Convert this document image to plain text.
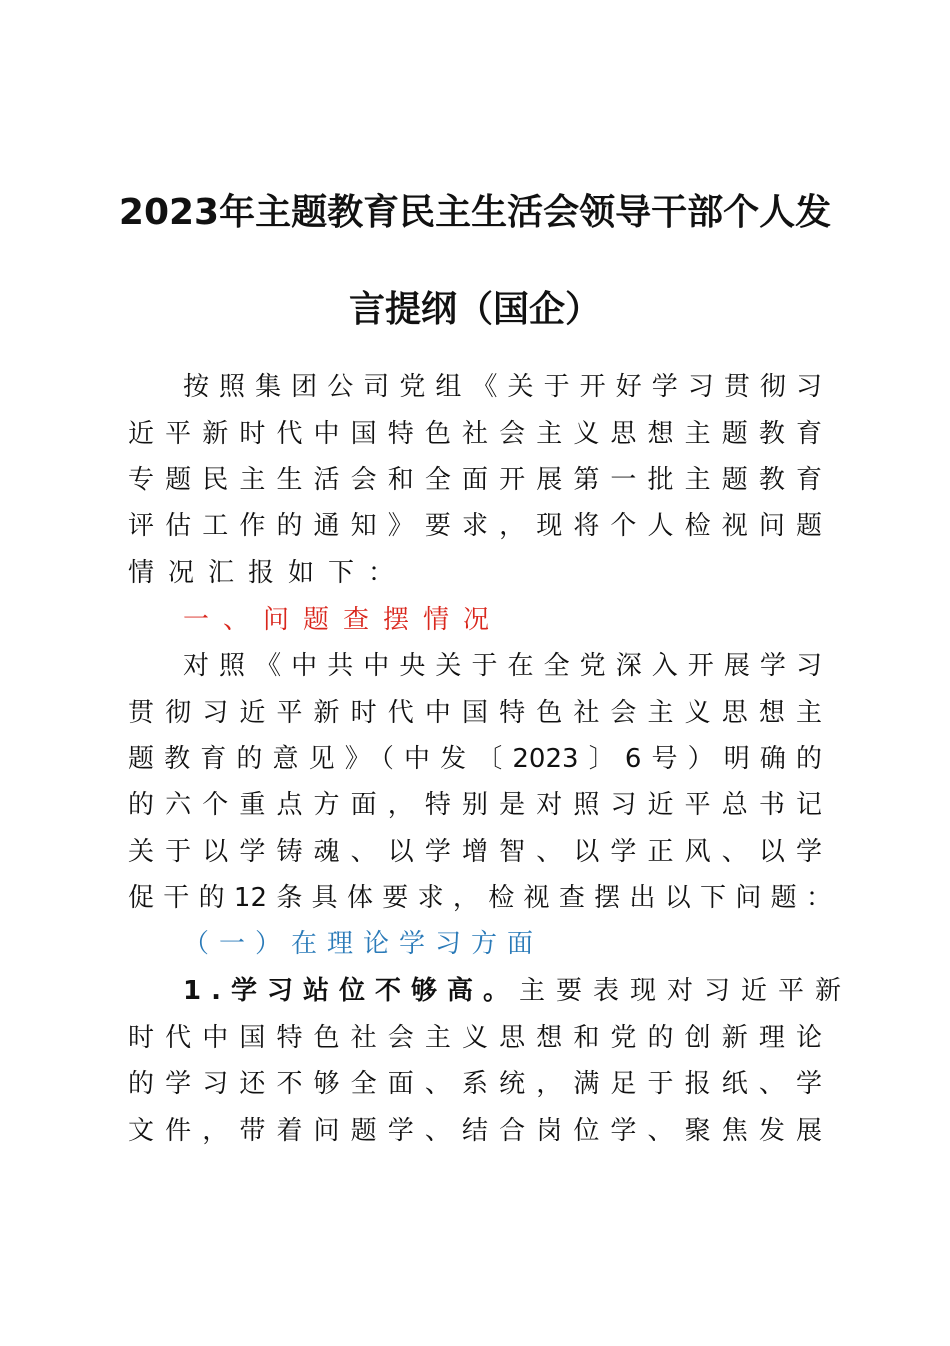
2023年主题教育民主生活会领导干部个人发
言提纲（国企）
按照集团公司党组《关于开好学习贯彻习
近平新时代中国特色社会主义思想主题教育
专题民主生活会和全面开展第一批主题教育
评估工作的通知》要求，现将个人检视问题
情况汇报如下：
一、问题查摆情况
对照《中共中央关于在全党深入开展学习
贯彻习近平新时代中国特色社会主义思想主
题教育的意见》（中发〔2023〕6号）明确的
的六个重点方面，特别是对照习近平总书记
关于以学铸魂、以学增智、以学正风、以学
促干的12条具体要求，检视查摆出以下问题：
（一）在理论学习方面
1.学习站位不够高。主要表现对习近平新
时代中国特色社会主义思想和党的创新理论
的学习还不够全面、系统，满足于报纸、学
文件，带着问题学、结合岗位学、聚焦发展
